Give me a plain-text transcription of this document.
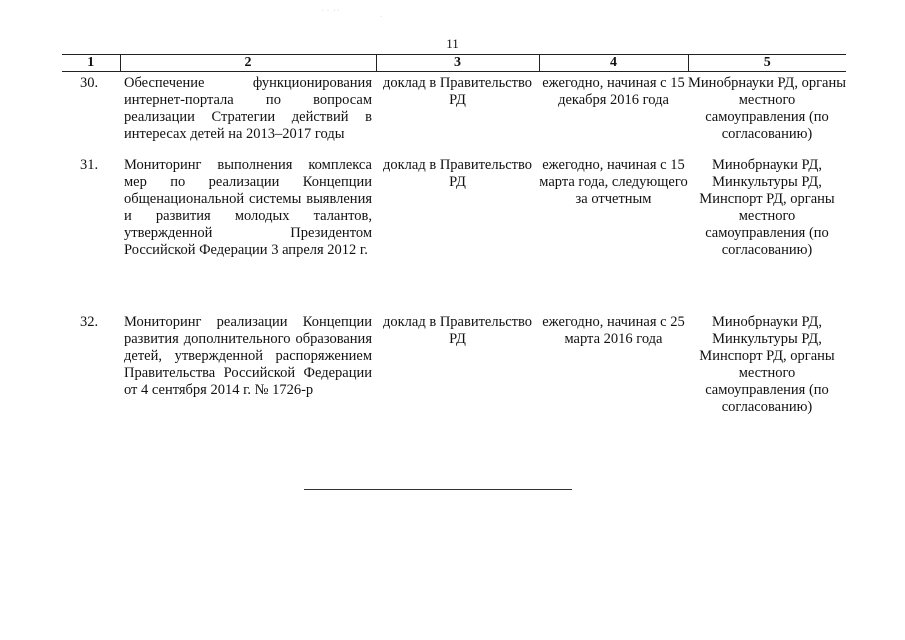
·  ·   · ·
·
11
1	2	3	4	5
30.	Обеспечение функционирования интернет-портала по вопросам реализации Стратегии действий в интересах детей на 2013–2017 годы	доклад в Правительство РД	ежегодно, начиная с 15 декабря 2016 года	Минобрнауки РД, органы местного самоуправления (по согласованию)
31.	Мониторинг выполнения комплекса мер по реализации Концепции общенациональной системы выявления и развития молодых талантов, утвержденной Президентом Российской Федерации 3 апреля 2012 г.	доклад в Правительство РД	ежегодно, начиная с 15 марта года, следующего за отчетным	Минобрнауки РД, Минкультуры РД, Минспорт РД, органы местного самоуправления (по согласованию)
32.	Мониторинг реализации Концепции развития дополнительного образования детей, утвержденной распоряжением Правительства Российской Федерации от 4 сентября 2014 г. № 1726-р	доклад в Правительство РД	ежегодно, начиная с 25 марта 2016 года	Минобрнауки РД, Минкультуры РД, Минспорт РД, органы местного самоуправления (по согласованию)
